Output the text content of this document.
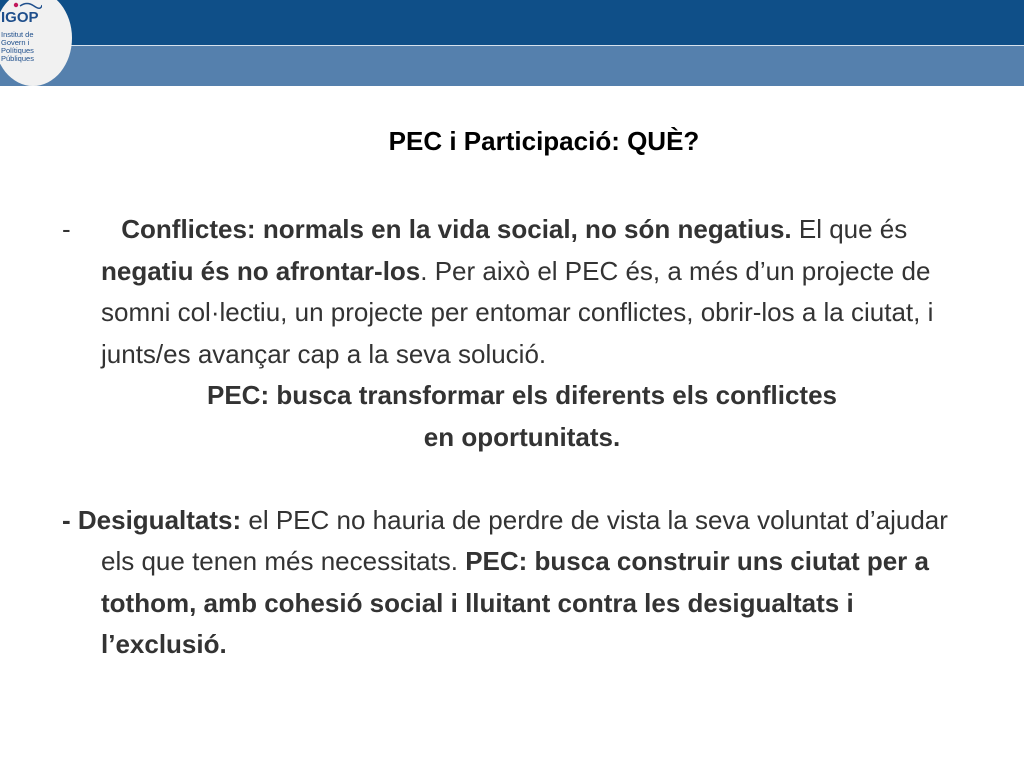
IGOP
Institut de
Govern i
Polítiques
Públiques
PEC i Participació: QUÈ?

- Conflictes: normals en la vida social, no són negatius. El que és negatiu és no afrontar-los. Per això el PEC és, a més d’un projecte de somni col·lectiu, un projecte per entomar conflictes, obrir-los a la ciutat, i junts/es avançar cap a la seva solució.

PEC: busca transformar els diferents els conflictes

en oportunitats.

- Desigualtats: el PEC no hauria de perdre de vista la seva voluntat d’ajudar els que tenen més necessitats. PEC: busca construir uns ciutat per a tothom, amb cohesió social i lluitant contra les desigualtats i l’exclusió.
